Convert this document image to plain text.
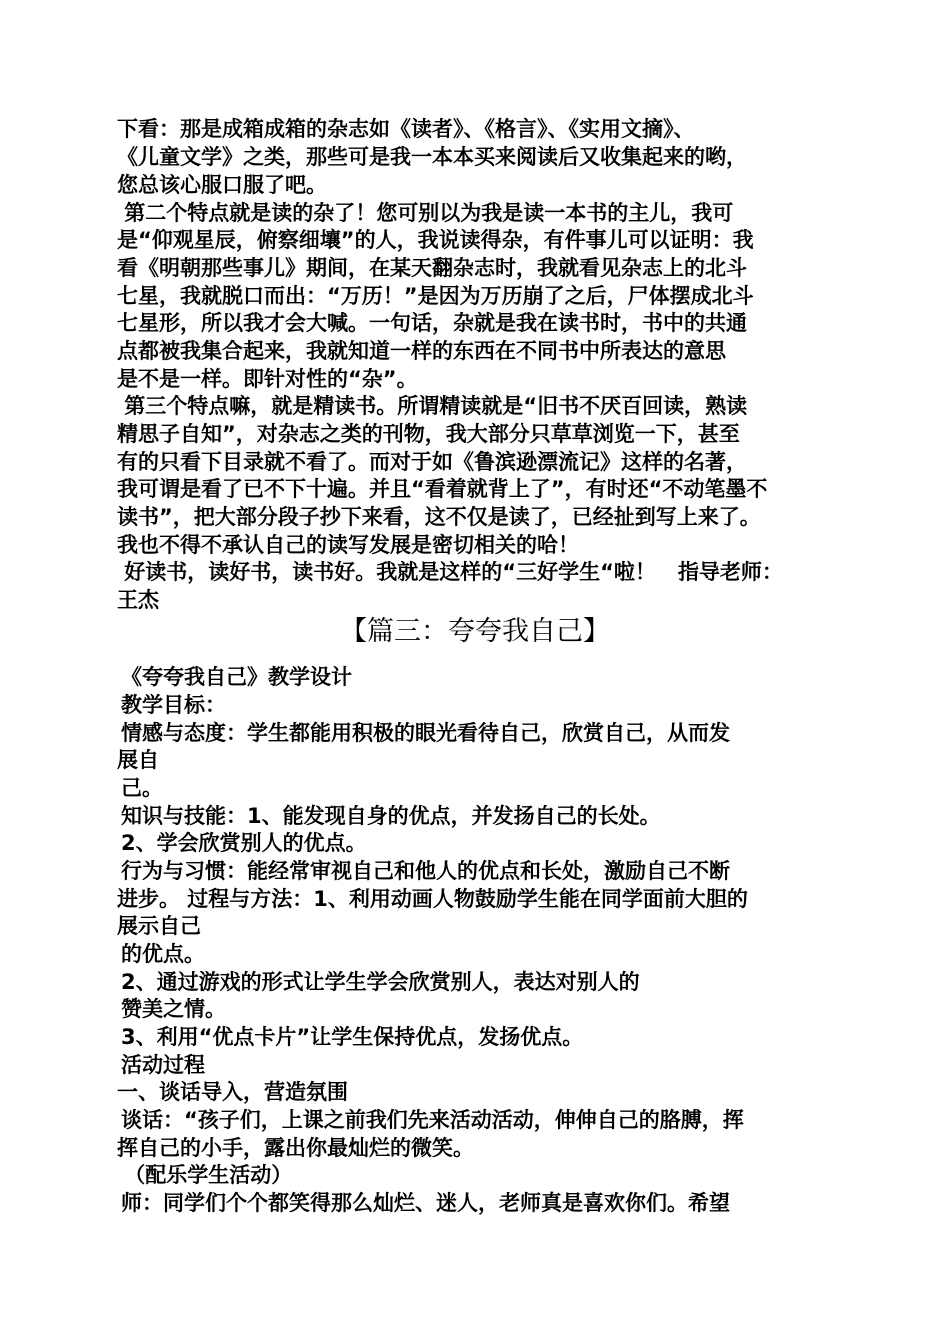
下看：那是成箱成箱的杂志如《读者》、《格言》、《实用文摘》、
《儿童文学》之类，那些可是我一本本买来阅读后又收集起来的哟，
您总该心服口服了吧。
第二个特点就是读的杂了！您可别以为我是读一本书的主儿，我可
是“仰观星辰，俯察细壤”的人，我说读得杂，有件事儿可以证明：我
看《明朝那些事儿》期间，在某天翻杂志时，我就看见杂志上的北斗
七星，我就脱口而出：“万历！”是因为万历崩了之后，尸体摆成北斗
七星形，所以我才会大喊。一句话，杂就是我在读书时，书中的共通
点都被我集合起来，我就知道一样的东西在不同书中所表达的意思
是不是一样。即针对性的“杂”。
第三个特点嘛，就是精读书。所谓精读就是“旧书不厌百回读，熟读
精思子自知”，对杂志之类的刊物，我大部分只草草浏览一下，甚至
有的只看下目录就不看了。而对于如《鲁滨逊漂流记》这样的名著，
我可谓是看了已不下十遍。并且“看着就背上了”，有时还“不动笔墨不
读书”，把大部分段子抄下来看，这不仅是读了，已经扯到写上来了。
我也不得不承认自己的读写发展是密切相关的哈！
好读书，读好书，读书好。我就是这样的“三好学生“啦！   指导老师：
王杰
【篇三：夸夸我自己】
《夸夸我自己》教学设计
教学目标：
情感与态度：学生都能用积极的眼光看待自己，欣赏自己，从而发
展自
己。
知识与技能：1、能发现自身的优点，并发扬自己的长处。
2、学会欣赏别人的优点。
行为与习惯：能经常审视自己和他人的优点和长处，激励自己不断
进步。 过程与方法：1、利用动画人物鼓励学生能在同学面前大胆的
展示自己
的优点。
2、通过游戏的形式让学生学会欣赏别人，表达对别人的
赞美之情。
3、利用“优点卡片”让学生保持优点，发扬优点。
活动过程
一、谈话导入，营造氛围
谈话：“孩子们，上课之前我们先来活动活动，伸伸自己的胳膊，挥
挥自己的小手，露出你最灿烂的微笑。
（配乐学生活动）
师：同学们个个都笑得那么灿烂、迷人，老师真是喜欢你们。希望
